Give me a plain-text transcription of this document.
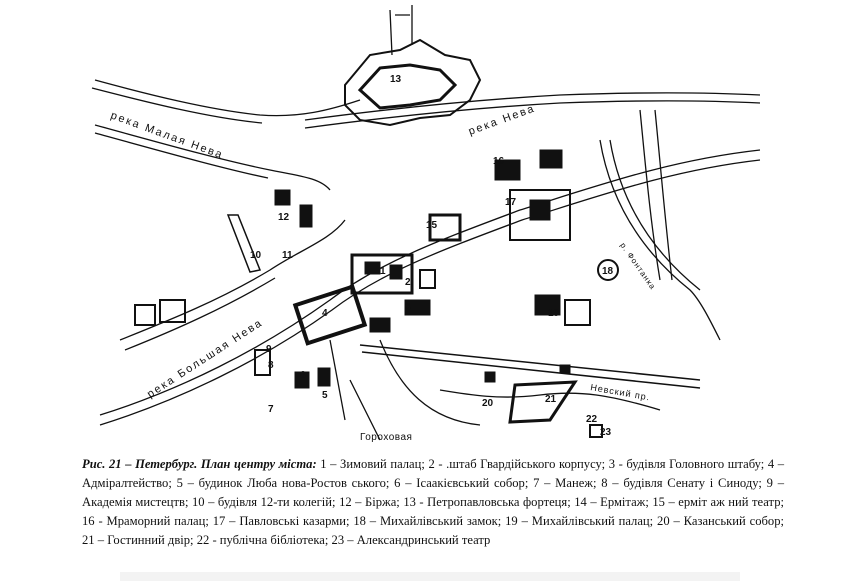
река Малая Нева	река Нева
река Большая Нева	Невский пр.
Гороховая
р. Фонтанка
13
16
17
12
10 11
15
1
2
18
19
4
3
9
8
5
6
20	21
22
23
7
Рис. 21 – Петербург. План центру міста: 1 – Зимовий палац; 2 - .штаб Гвардійського корпусу; 3 - будівля Головного штабу; 4 – Адміралтейство; 5 – будинок Люба нова-Ростов ського; 6 – Ісаакієвський собор; 7 – Манеж; 8 – будівля Сенату і Синоду; 9 – Академія мистецтв; 10 – будівля 12-ти колегій; 12 – Біржа; 13 - Петропавловська фортеця; 14 – Ермітаж; 15 – ерміт аж ний театр; 16 - Мраморний палац; 17 – Павловські казарми; 18 – Михайлівський замок; 19 – Михайлівський палац; 20 – Казанський собор; 21 – Гостинний двір; 22 - публічна бібліотека; 23 – Александринський театр
